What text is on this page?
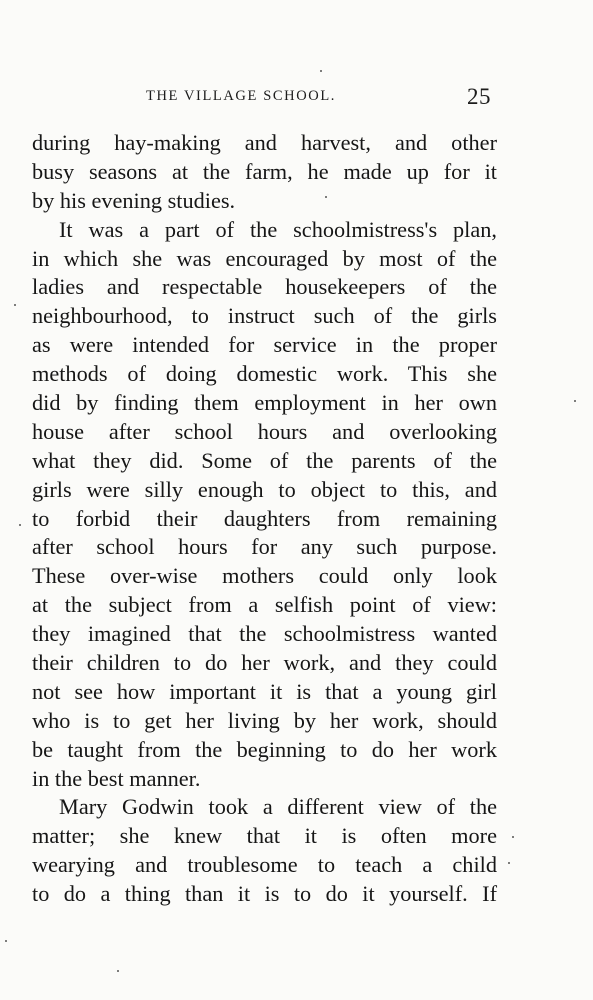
THE VILLAGE SCHOOL.	25
during hay-making and harvest, and other
busy seasons at the farm, he made up for it
by his evening studies.
It was a part of the schoolmistress's plan,
in which she was encouraged by most of the
ladies and respectable housekeepers of the
neighbourhood, to instruct such of the girls
as were intended for service in the proper
methods of doing domestic work. This she
did by finding them employment in her own
house after school hours and overlooking
what they did. Some of the parents of the
girls were silly enough to object to this, and
to forbid their daughters from remaining
after school hours for any such purpose.
These over-wise mothers could only look
at the subject from a selfish point of view:
they imagined that the schoolmistress wanted
their children to do her work, and they could
not see how important it is that a young girl
who is to get her living by her work, should
be taught from the beginning to do her work
in the best manner.
Mary Godwin took a different view of the
matter; she knew that it is often more
wearying and troublesome to teach a child
to do a thing than it is to do it yourself. If
